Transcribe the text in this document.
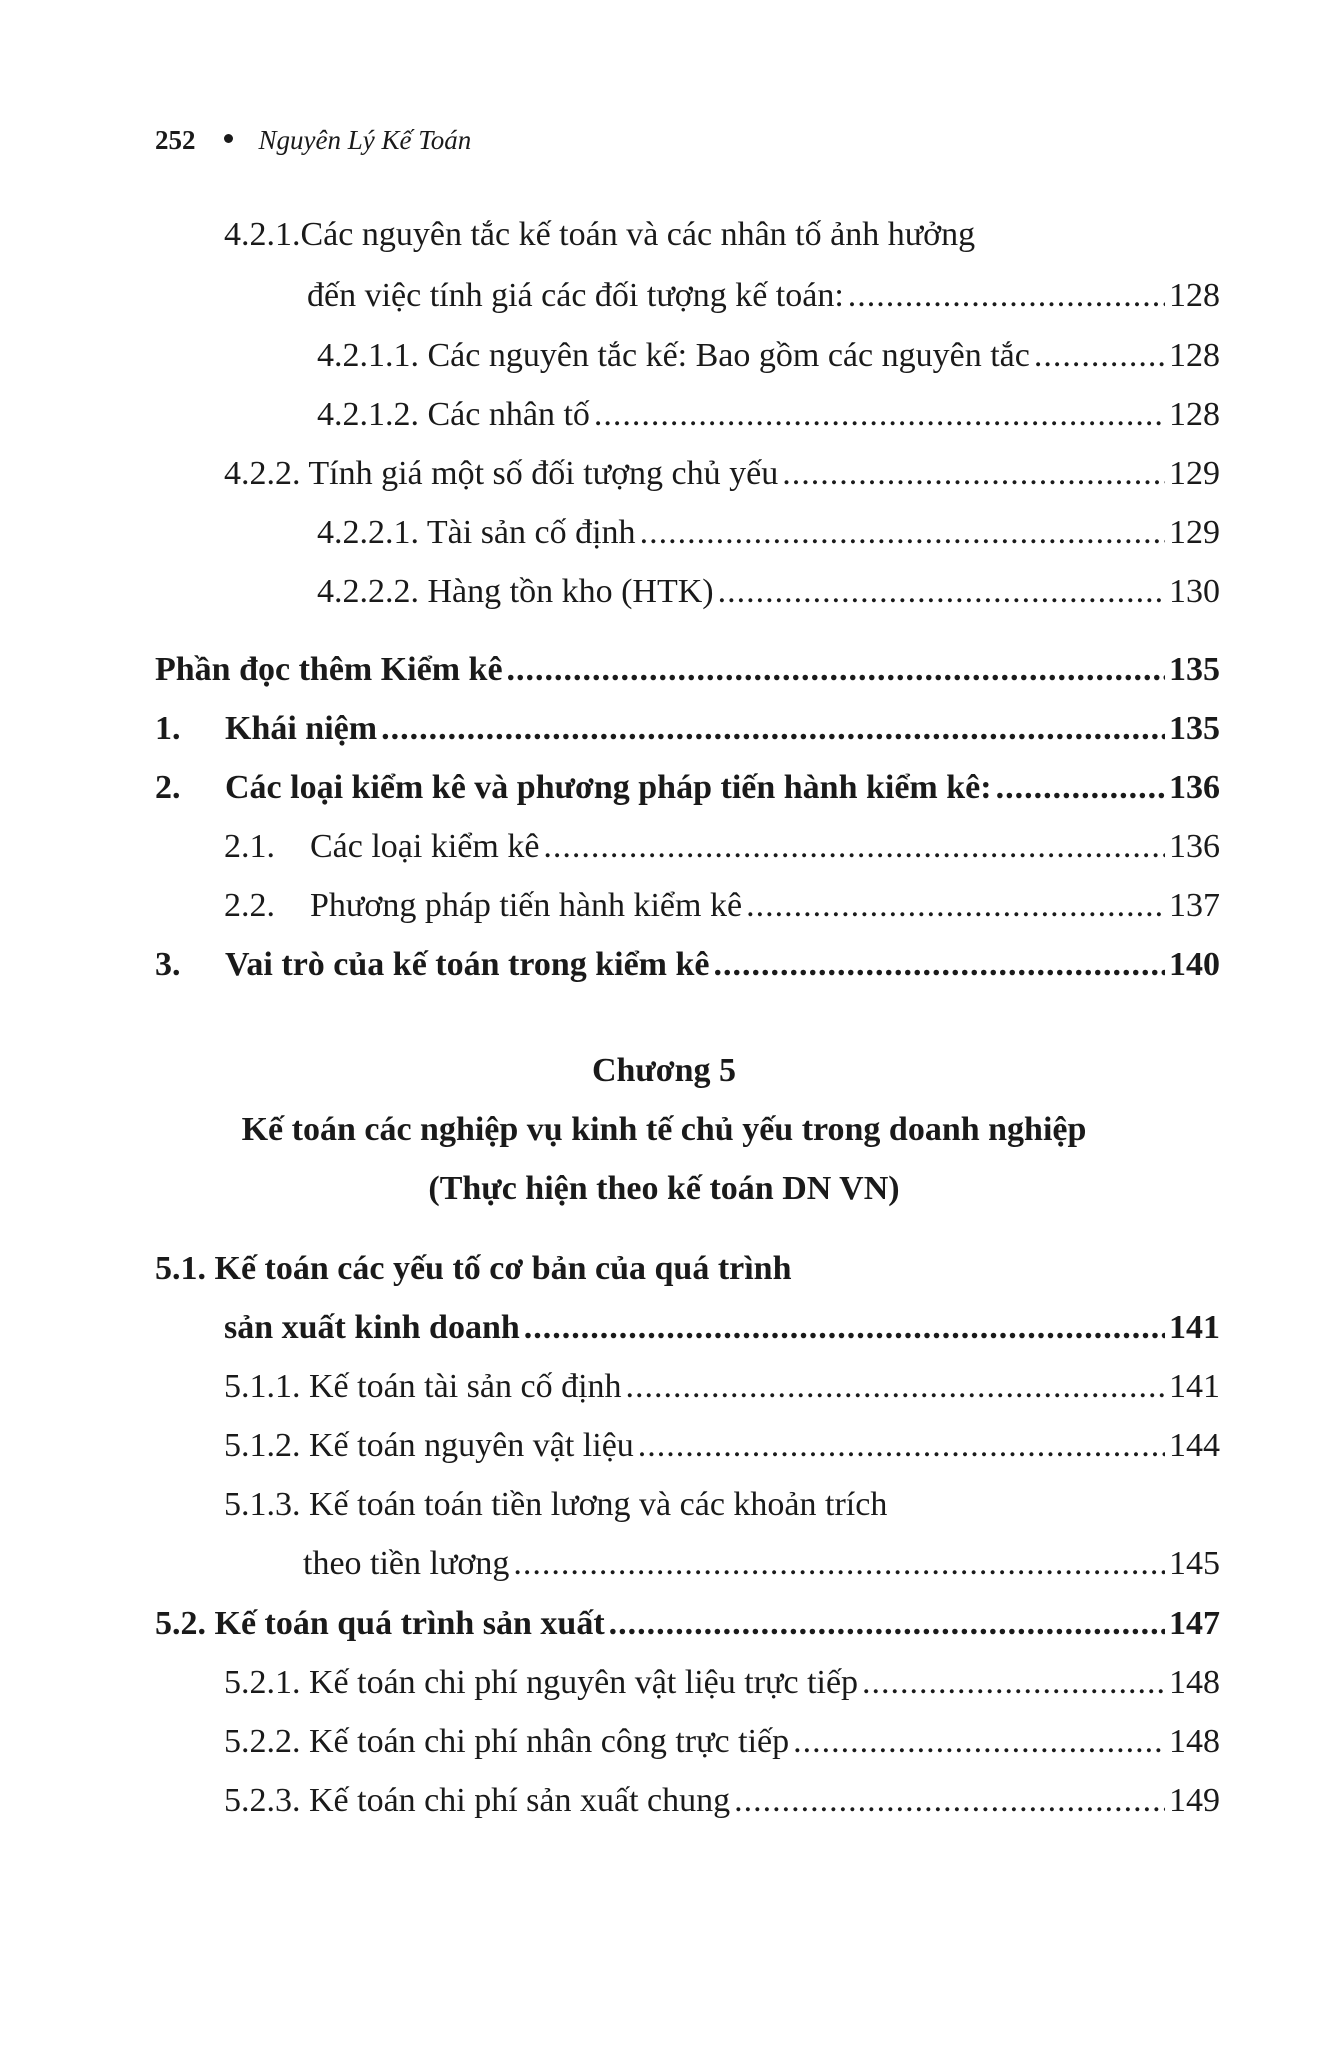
252 Nguyên Lý Kế Toán
4.2.1.Các nguyên tắc kế toán và các nhân tố ảnh hưởng
đến việc tính giá các đối tượng kế toán: .....	128
4.2.1.1. Các nguyên tắc kế: Bao gồm các nguyên tắc .....	128
4.2.1.2. Các nhân tố .....	128
4.2.2. Tính giá một số đối tượng chủ yếu .....	129
4.2.2.1. Tài sản cố định .....	129
4.2.2.2. Hàng tồn kho (HTK) .....	130
Phần đọc thêm Kiểm kê .....	135
1. Khái niệm .....	135
2. Các loại kiểm kê và phương pháp tiến hành kiểm kê: .....	136
2.1. Các loại kiểm kê .....	136
2.2. Phương pháp tiến hành kiểm kê .....	137
3. Vai trò của kế toán trong kiểm kê .....	140
Chương 5
Kế toán các nghiệp vụ kinh tế chủ yếu trong doanh nghiệp
(Thực hiện theo kế toán DN VN)
5.1. Kế toán các yếu tố cơ bản của quá trình
sản xuất kinh doanh .....	141
5.1.1. Kế toán tài sản cố định .....	141
5.1.2. Kế toán nguyên vật liệu .....	144
5.1.3. Kế toán toán tiền lương và các khoản trích
theo tiền lương .....	145
5.2. Kế toán quá trình sản xuất .....	147
5.2.1. Kế toán chi phí nguyên vật liệu trực tiếp .....	148
5.2.2. Kế toán chi phí nhân công trực tiếp .....	148
5.2.3. Kế toán chi phí sản xuất chung .....	149
